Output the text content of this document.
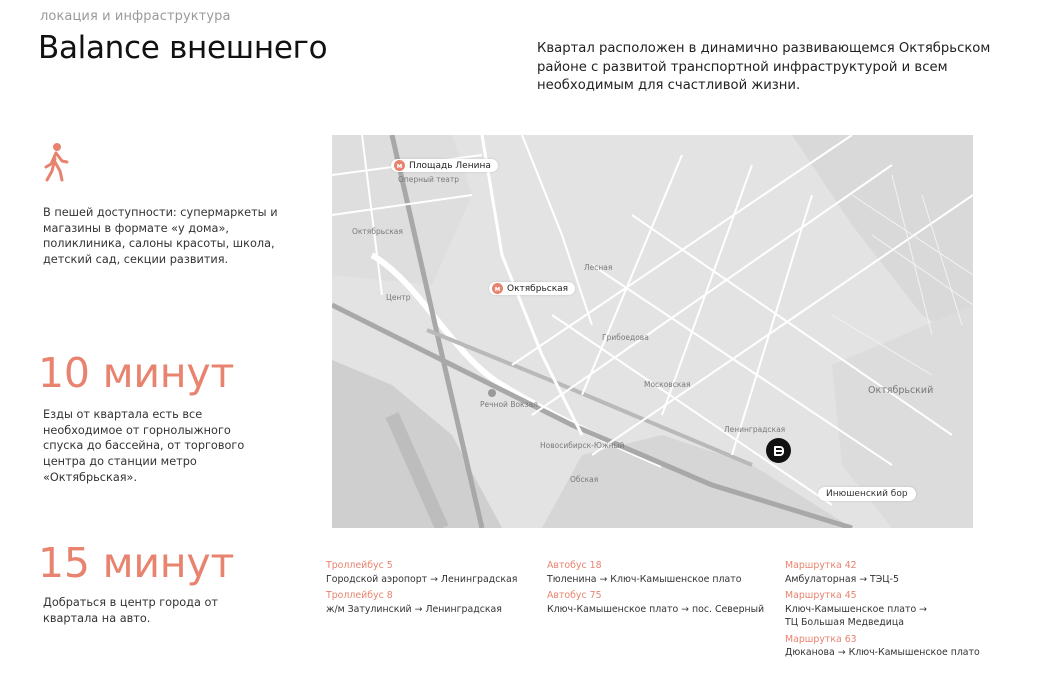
локация и инфраструктура
Balance внешнего	Квартал расположен в динамично развивающемся Октябрьском районе с развитой транспортной инфраструктурой и всем необходимым для счастливой жизни.

В пешей доступности: супермаркеты и магазины в формате «у дома», поликлиника, салоны красоты, школа, детский сад, секции развития.

10 минут

Езды от квартала есть все необходимое от горнолыжного спуска до бассейна, от торгового центра до станции метро «Октябрьская».

15 минут

Добраться в центр города от квартала на авто.

м Площадь Ленина
м Октябрьская
Оперный театр
Центр
Октябрьская
Речной Вокзал
Новосибирск-Южный
Обская
Московская
Ленинградская
Лесная
Грибоедова
Октябрьский
Инюшенский бор
Троллейбус 5
Городской аэропорт → Ленинградская
Троллейбус 8
ж/м Затулинский → Ленинградская
Автобус 18
Тюленина → Ключ-Камышенское плато
Автобус 75
Ключ-Камышенское плато → пос. Северный
Маршрутка 42
Амбулаторная → ТЭЦ-5
Маршрутка 45
Ключ-Камышенское плато → ТЦ Большая Медведица
Маршрутка 63
Дюканова → Ключ-Камышенское плато
